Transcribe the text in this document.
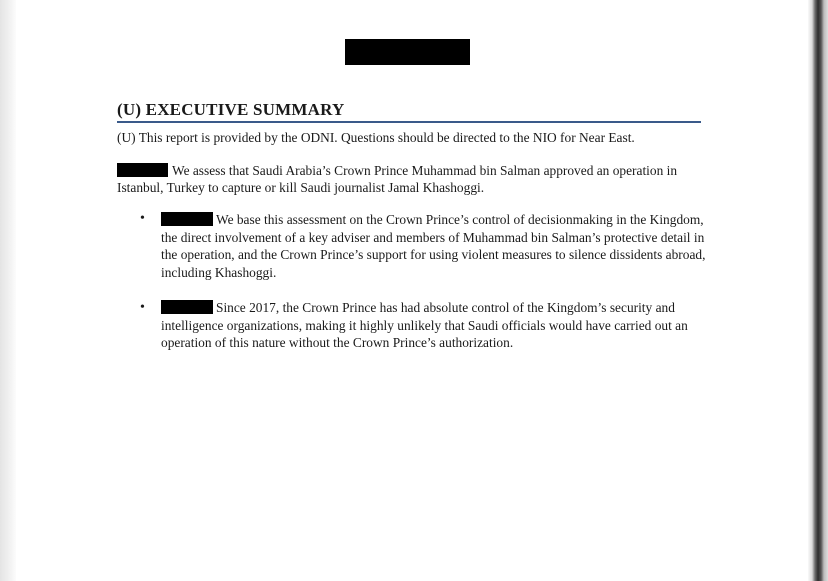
(U) EXECUTIVE SUMMARY

(U) This report is provided by the ODNI. Questions should be directed to the NIO for Near East.

We assess that Saudi Arabia’s Crown Prince Muhammad bin Salman approved an operation in Istanbul, Turkey to capture or kill Saudi journalist Jamal Khashoggi.

•	We base this assessment on the Crown Prince’s control of decisionmaking in the Kingdom, the direct involvement of a key adviser and members of Muhammad bin Salman’s protective detail in the operation, and the Crown Prince’s support for using violent measures to silence dissidents abroad, including Khashoggi.

•	Since 2017, the Crown Prince has had absolute control of the Kingdom’s security and intelligence organizations, making it highly unlikely that Saudi officials would have carried out an operation of this nature without the Crown Prince’s authorization.
